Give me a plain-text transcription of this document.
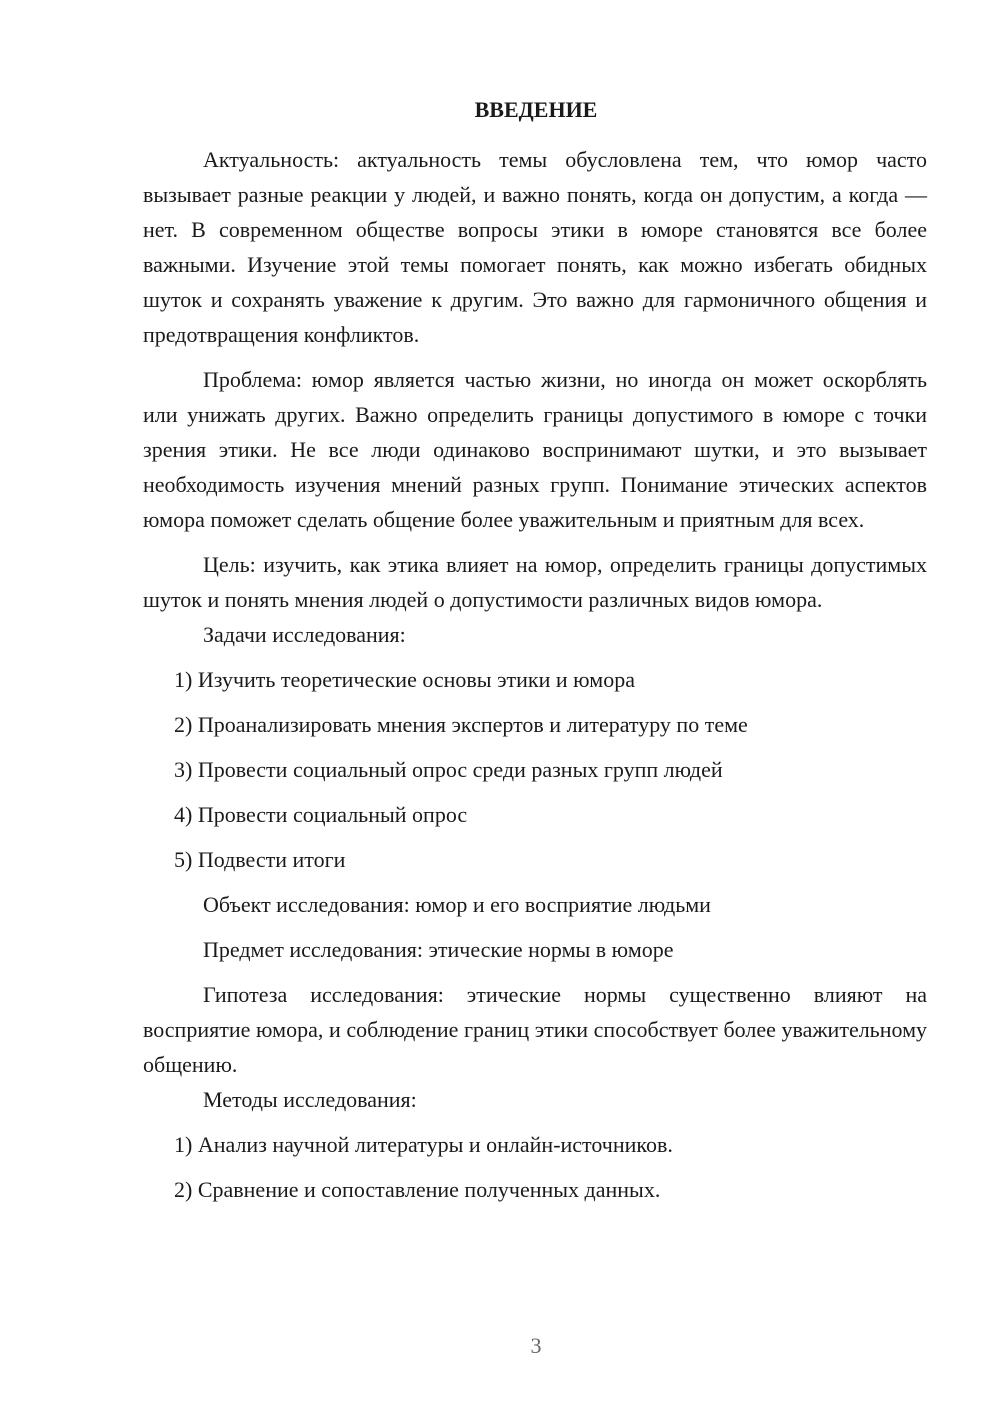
ВВЕДЕНИЕ

Актуальность: актуальность темы обусловлена тем, что юмор часто вызывает разные реакции у людей, и важно понять, когда он допустим, а когда — нет. В современном обществе вопросы этики в юморе становятся все более важными. Изучение этой темы помогает понять, как можно избегать обидных шуток и сохранять уважение к другим. Это важно для гармоничного общения и предотвращения конфликтов.

Проблема: юмор является частью жизни, но иногда он может оскорблять или унижать других. Важно определить границы допустимого в юморе с точки зрения этики. Не все люди одинаково воспринимают шутки, и это вызывает необходимость изучения мнений разных групп. Понимание этических аспектов юмора поможет сделать общение более уважительным и приятным для всех.

Цель: изучить, как этика влияет на юмор, определить границы допустимых шуток и понять мнения людей о допустимости различных видов юмора.

Задачи исследования:

1) Изучить теоретические основы этики и юмора

2) Проанализировать мнения экспертов и литературу по теме

3) Провести социальный опрос среди разных групп людей

4) Провести социальный опрос

5) Подвести итоги

Объект исследования: юмор и его восприятие людьми

Предмет исследования: этические нормы в юморе

Гипотеза исследования: этические нормы существенно влияют на восприятие юмора, и соблюдение границ этики способствует более уважительному общению.

Методы исследования:

1) Анализ научной литературы и онлайн-источников.

2) Сравнение и сопоставление полученных данных.

3
